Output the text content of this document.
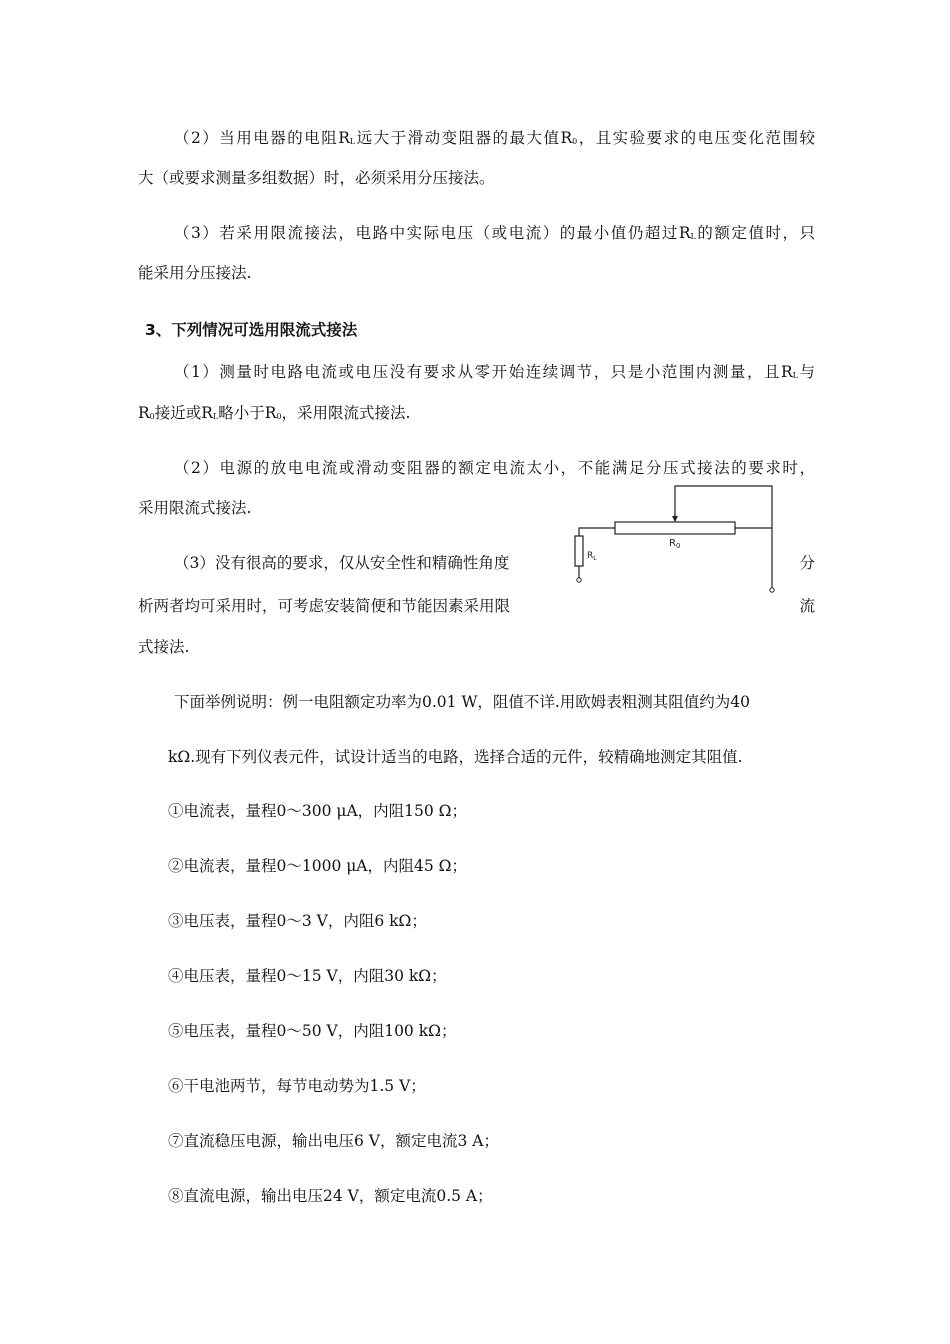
（2）当用电器的电阻RL远大于滑动变阻器的最大值R0，且实验要求的电压变化范围较

大（或要求测量多组数据）时，必须采用分压接法。

（3）若采用限流接法，电路中实际电压（或电流）的最小值仍超过RL的额定值时，只

能采用分压接法.

3、下列情况可选用限流式接法

（1）测量时电路电流或电压没有要求从零开始连续调节，只是小范围内测量，且RL与

R0接近或RL略小于R0，采用限流式接法.

（2）电源的放电电流或滑动变阻器的额定电流太小，不能满足分压式接法的要求时，

采用限流式接法.

（3）没有很高的要求，仅从安全性和精确性角度	分
析两者均可采用时，可考虑安装简便和节能因素采用限	流

式接法.

$R_0$
$R_L$

下面举例说明：例一电阻额定功率为0.01 W，阻值不详.用欧姆表粗测其阻值约为40

kΩ.现有下列仪表元件，试设计适当的电路，选择合适的元件，较精确地测定其阻值.

①电流表，量程0～300 μA，内阻150 Ω；

②电流表，量程0～1000 μA，内阻45 Ω；

③电压表，量程0～3 V，内阻6 kΩ；

④电压表，量程0～15 V，内阻30 kΩ；

⑤电压表，量程0～50 V，内阻100 kΩ；

⑥干电池两节，每节电动势为1.5 V；

⑦直流稳压电源，输出电压6 V，额定电流3 A；

⑧直流电源，输出电压24 V，额定电流0.5 A；
